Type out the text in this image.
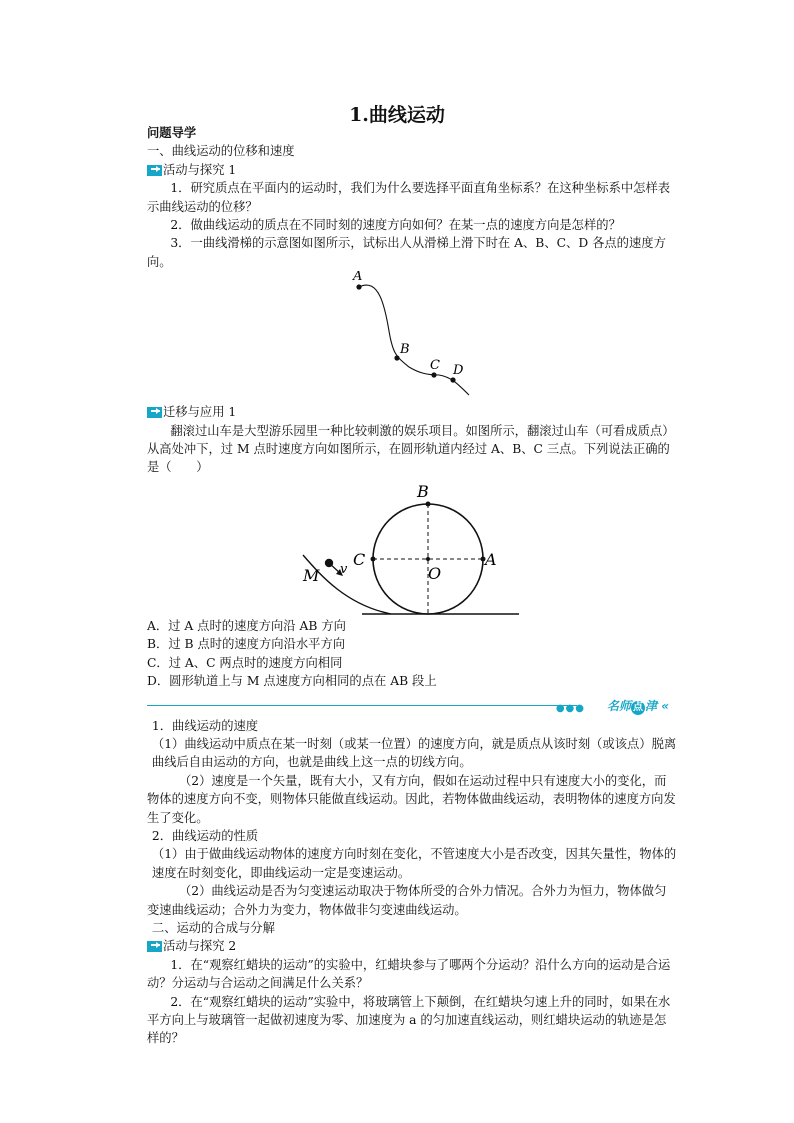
1.曲线运动

问题导学

一、曲线运动的位移和速度

活动与探究 1

1．研究质点在平面内的运动时，我们为什么要选择平面直角坐标系？在这种坐标系中怎样表示曲线运动的位移？

2．做曲线运动的质点在不同时刻的速度方向如何？在某一点的速度方向是怎样的？

3．一曲线滑梯的示意图如图所示，试标出人从滑梯上滑下时在 A、B、C、D 各点的速度方向。

A
B
C D

迁移与应用 1

翻滚过山车是大型游乐园里一种比较刺激的娱乐项目。如图所示，翻滚过山车（可看成质点）从高处冲下，过 M 点时速度方向如图所示，在圆形轨道内经过 A、B、C 三点。下列说法正确的是（　　）

B
C
O
A
M v

A．过 A 点时的速度方向沿 AB 方向

B．过 B 点时的速度方向沿水平方向

C．过 A、C 两点时的速度方向相同

D．圆形轨道上与 M 点速度方向相同的点在 AB 段上

●●● 名师 点 津 «

1．曲线运动的速度

（1）曲线运动中质点在某一时刻（或某一位置）的速度方向，就是质点从该时刻（或该点）脱离曲线后自由运动的方向，也就是曲线上这一点的切线方向。

（2）速度是一个矢量，既有大小，又有方向，假如在运动过程中只有速度大小的变化，而物体的速度方向不变，则物体只能做直线运动。因此，若物体做曲线运动，表明物体的速度方向发生了变化。

2．曲线运动的性质

（1）由于做曲线运动物体的速度方向时刻在变化，不管速度大小是否改变，因其矢量性，物体的速度在时刻变化，即曲线运动一定是变速运动。

（2）曲线运动是否为匀变速运动取决于物体所受的合外力情况。合外力为恒力，物体做匀变速曲线运动；合外力为变力，物体做非匀变速曲线运动。

二、运动的合成与分解

活动与探究 2

1．在“观察红蜡块的运动”的实验中，红蜡块参与了哪两个分运动？沿什么方向的运动是合运动？分运动与合运动之间满足什么关系？

2．在“观察红蜡块的运动”实验中，将玻璃管上下颠倒，在红蜡块匀速上升的同时，如果在水平方向上与玻璃管一起做初速度为零、加速度为 a 的匀加速直线运动，则红蜡块运动的轨迹是怎样的？
